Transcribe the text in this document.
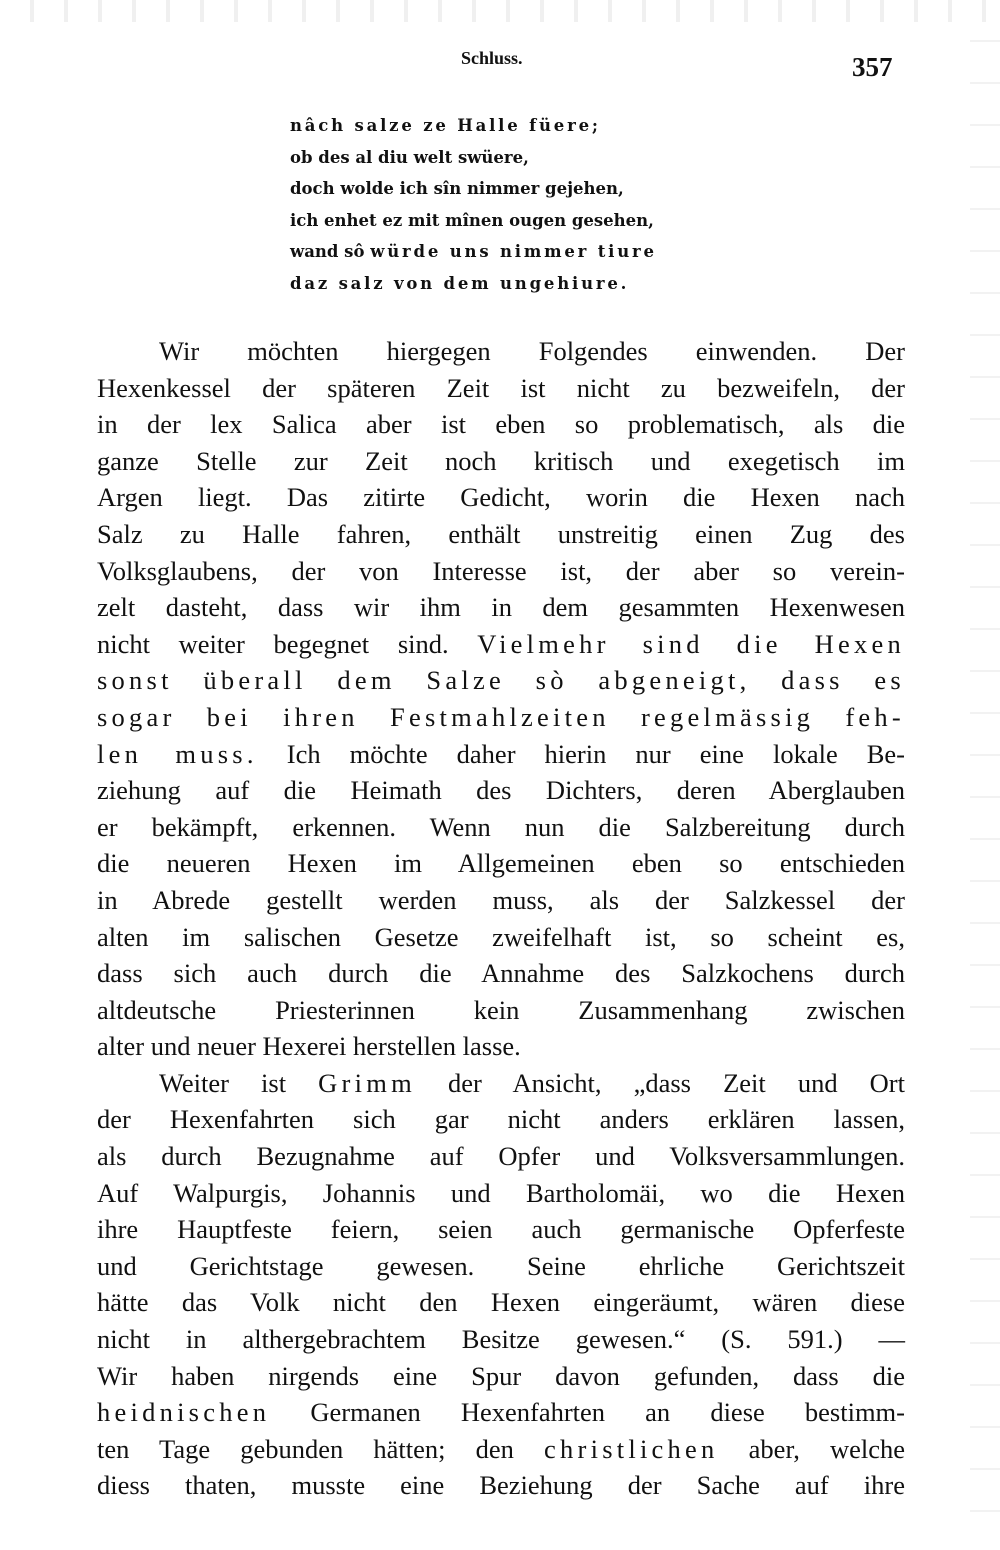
Schluss.	357
nâch salze ze Halle füere;
ob des al diu welt swüere,
doch wolde ich sîn nimmer gejehen,
ich enhet ez mit mînen ougen gesehen,
wand sô würde uns nimmer tiure
daz salz von dem ungehiure.
Wir möchten hiergegen Folgendes einwenden. Der
Hexenkessel der späteren Zeit ist nicht zu bezweifeln, der
in der lex Salica aber ist eben so problematisch, als die
ganze Stelle zur Zeit noch kritisch und exegetisch im
Argen liegt. Das zitirte Gedicht, worin die Hexen nach
Salz zu Halle fahren, enthält unstreitig einen Zug des
Volksglaubens, der von Interesse ist, der aber so verein-
zelt dasteht, dass wir ihm in dem gesammten Hexenwesen
nicht weiter begegnet sind. Vielmehr sind die Hexen
sonst überall dem Salze sò abgeneigt, dass es
sogar bei ihren Festmahlzeiten regelmässig feh-
len muss. Ich möchte daher hierin nur eine lokale Be-
ziehung auf die Heimath des Dichters, deren Aberglauben
er bekämpft, erkennen. Wenn nun die Salzbereitung durch
die neueren Hexen im Allgemeinen eben so entschieden
in Abrede gestellt werden muss, als der Salzkessel der
alten im salischen Gesetze zweifelhaft ist, so scheint es,
dass sich auch durch die Annahme des Salzkochens durch
altdeutsche Priesterinnen kein Zusammenhang zwischen
alter und neuer Hexerei herstellen lasse.
Weiter ist Grimm der Ansicht, „dass Zeit und Ort
der Hexenfahrten sich gar nicht anders erklären lassen,
als durch Bezugnahme auf Opfer und Volksversammlungen.
Auf Walpurgis, Johannis und Bartholomäi, wo die Hexen
ihre Hauptfeste feiern, seien auch germanische Opferfeste
und Gerichtstage gewesen. Seine ehrliche Gerichtszeit
hätte das Volk nicht den Hexen eingeräumt, wären diese
nicht in althergebrachtem Besitze gewesen.“ (S. 591.) —
Wir haben nirgends eine Spur davon gefunden, dass die
heidnischen Germanen Hexenfahrten an diese bestimm-
ten Tage gebunden hätten; den christlichen aber, welche
diess thaten, musste eine Beziehung der Sache auf ihre
